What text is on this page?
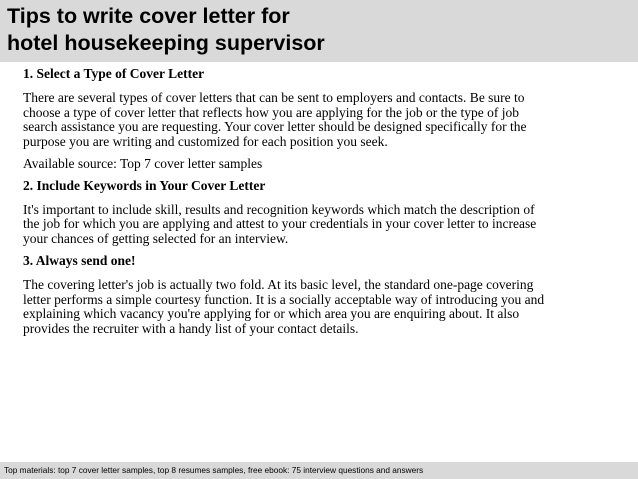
Tips to write cover letter for
hotel housekeeping supervisor

1. Select a Type of Cover Letter

There are several types of cover letters that can be sent to employers and contacts. Be sure to
choose a type of cover letter that reflects how you are applying for the job or the type of job
search assistance you are requesting. Your cover letter should be designed specifically for the
purpose you are writing and customized for each position you seek.

Available source: Top 7 cover letter samples

2. Include Keywords in Your Cover Letter

It's important to include skill, results and recognition keywords which match the description of
the job for which you are applying and attest to your credentials in your cover letter to increase
your chances of getting selected for an interview.

3. Always send one!

The covering letter's job is actually two fold. At its basic level, the standard one-page covering
letter performs a simple courtesy function. It is a socially acceptable way of introducing you and
explaining which vacancy you're applying for or which area you are enquiring about. It also
provides the recruiter with a handy list of your contact details.

Top materials: top 7 cover letter samples, top 8 resumes samples, free ebook: 75 interview questions and answers
